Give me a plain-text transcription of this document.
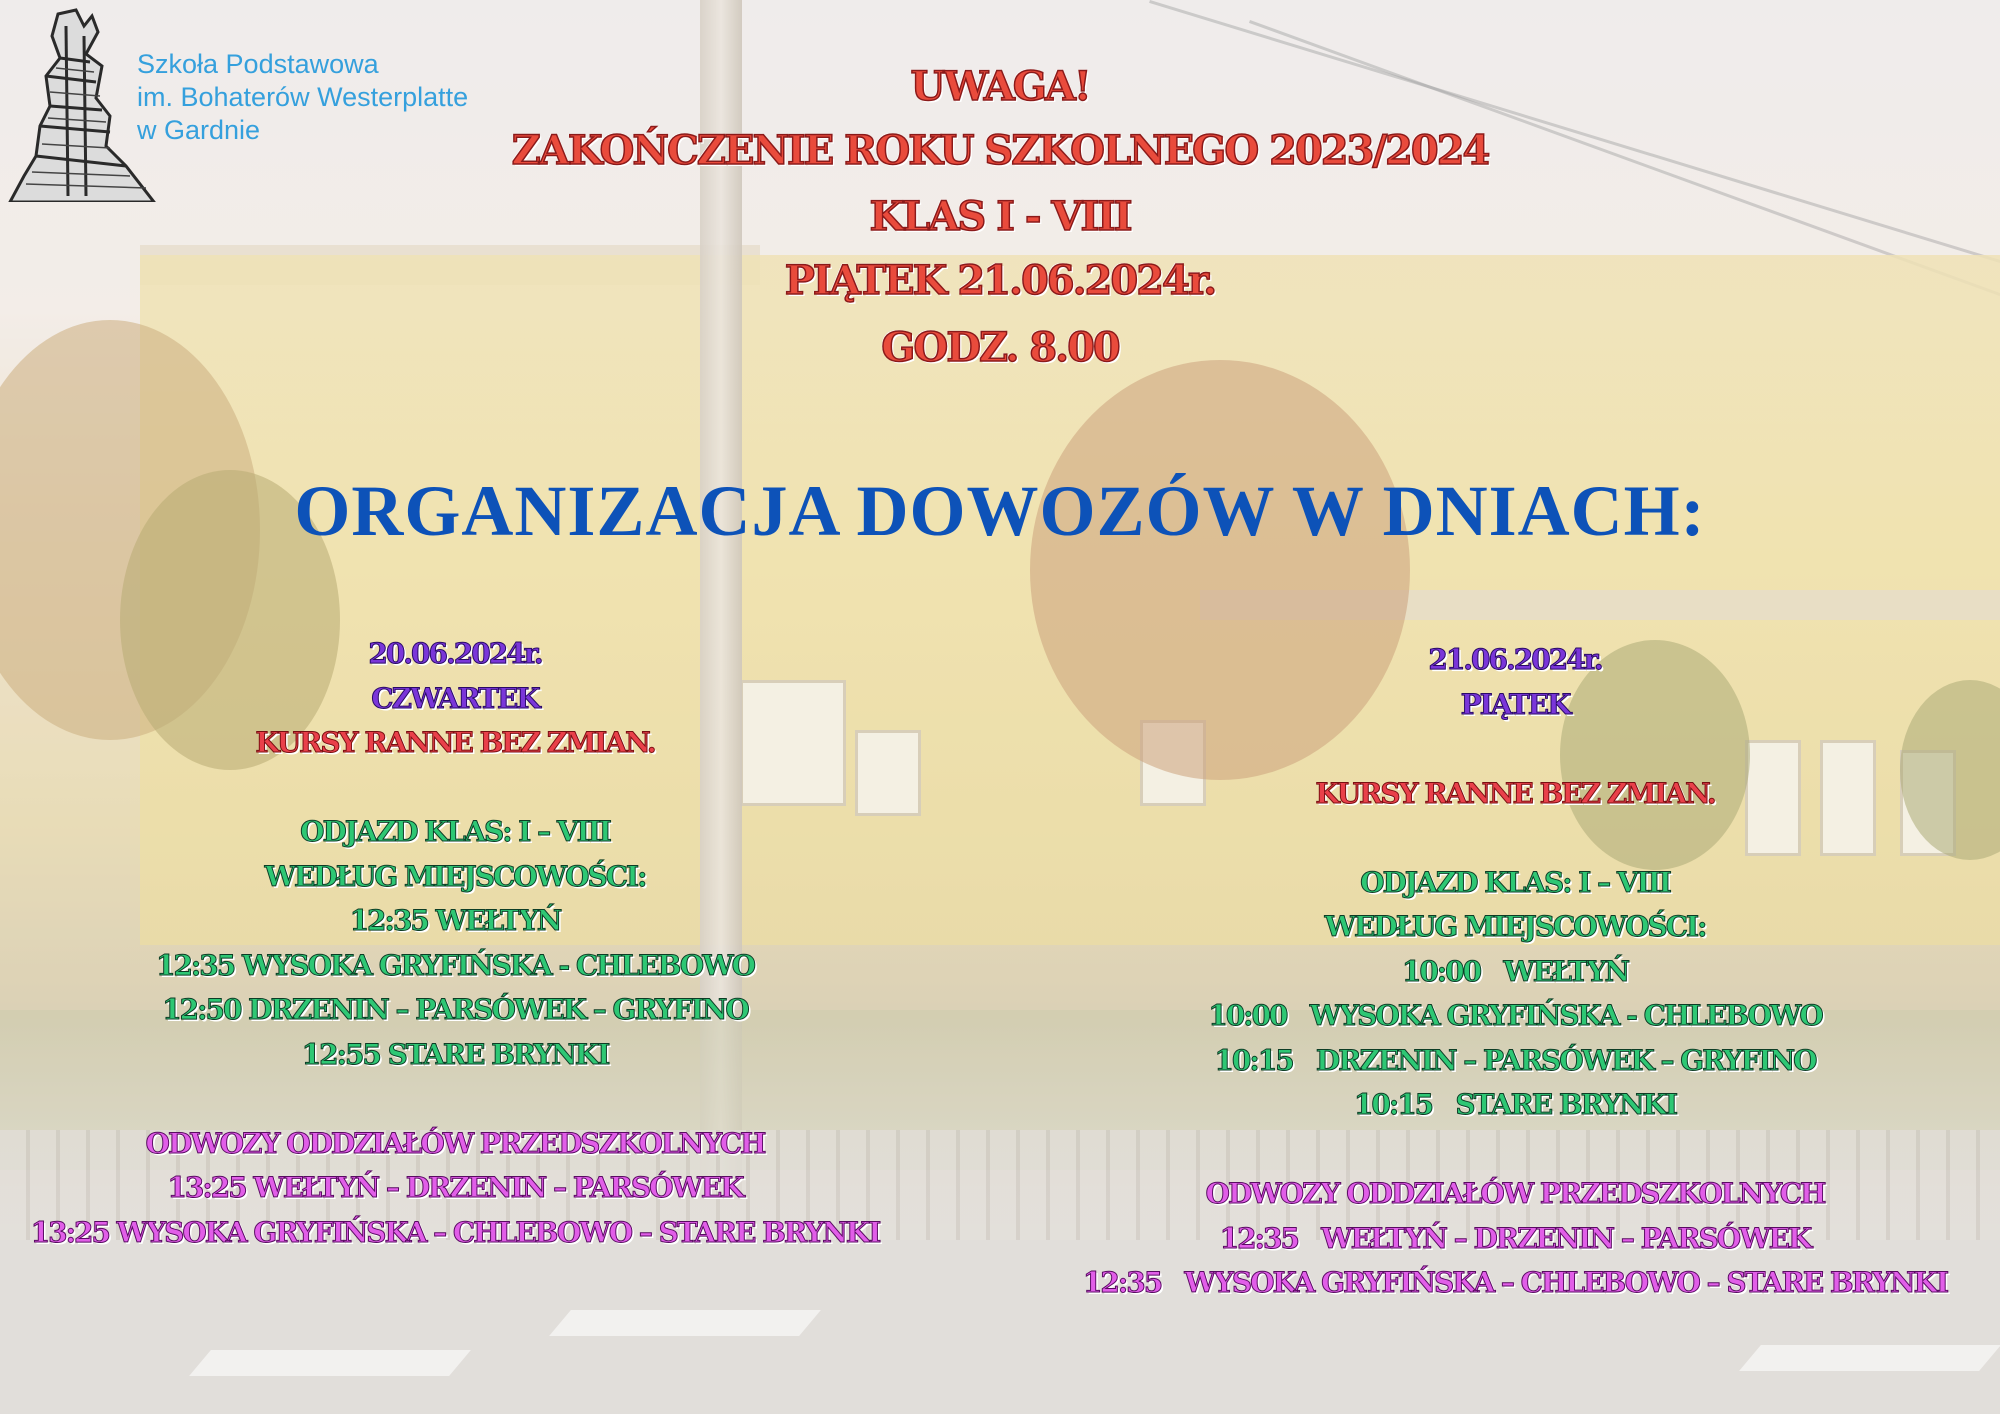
Szkoła Podstawowa
im. Bohaterów Westerplatte
w Gardnie
UWAGA!
ZAKOŃCZENIE ROKU SZKOLNEGO 2023/2024
KLAS I - VIII
PIĄTEK 21.06.2024r.
GODZ. 8.00
ORGANIZACJA DOWOZÓW W DNIACH:
20.06.2024r.
CZWARTEK
KURSY RANNE BEZ ZMIAN.
ODJAZD KLAS: I – VIII
WEDŁUG MIEJSCOWOŚCI:
12:35 WEŁTYŃ
12:35 WYSOKA GRYFIŃSKA - CHLEBOWO
12:50 DRZENIN – PARSÓWEK – GRYFINO
12:55 STARE BRYNKI
ODWOZY ODDZIAŁÓW PRZEDSZKOLNYCH
13:25 WEŁTYŃ – DRZENIN – PARSÓWEK
13:25 WYSOKA GRYFIŃSKA – CHLEBOWO – STARE BRYNKI
21.06.2024r.
PIĄTEK
KURSY RANNE BEZ ZMIAN.
ODJAZD KLAS: I – VIII
WEDŁUG MIEJSCOWOŚCI:
10:00   WEŁTYŃ
10:00   WYSOKA GRYFIŃSKA - CHLEBOWO
10:15   DRZENIN – PARSÓWEK – GRYFINO
10:15   STARE BRYNKI
ODWOZY ODDZIAŁÓW PRZEDSZKOLNYCH
12:35   WEŁTYŃ – DRZENIN – PARSÓWEK
12:35   WYSOKA GRYFIŃSKA – CHLEBOWO – STARE BRYNKI
